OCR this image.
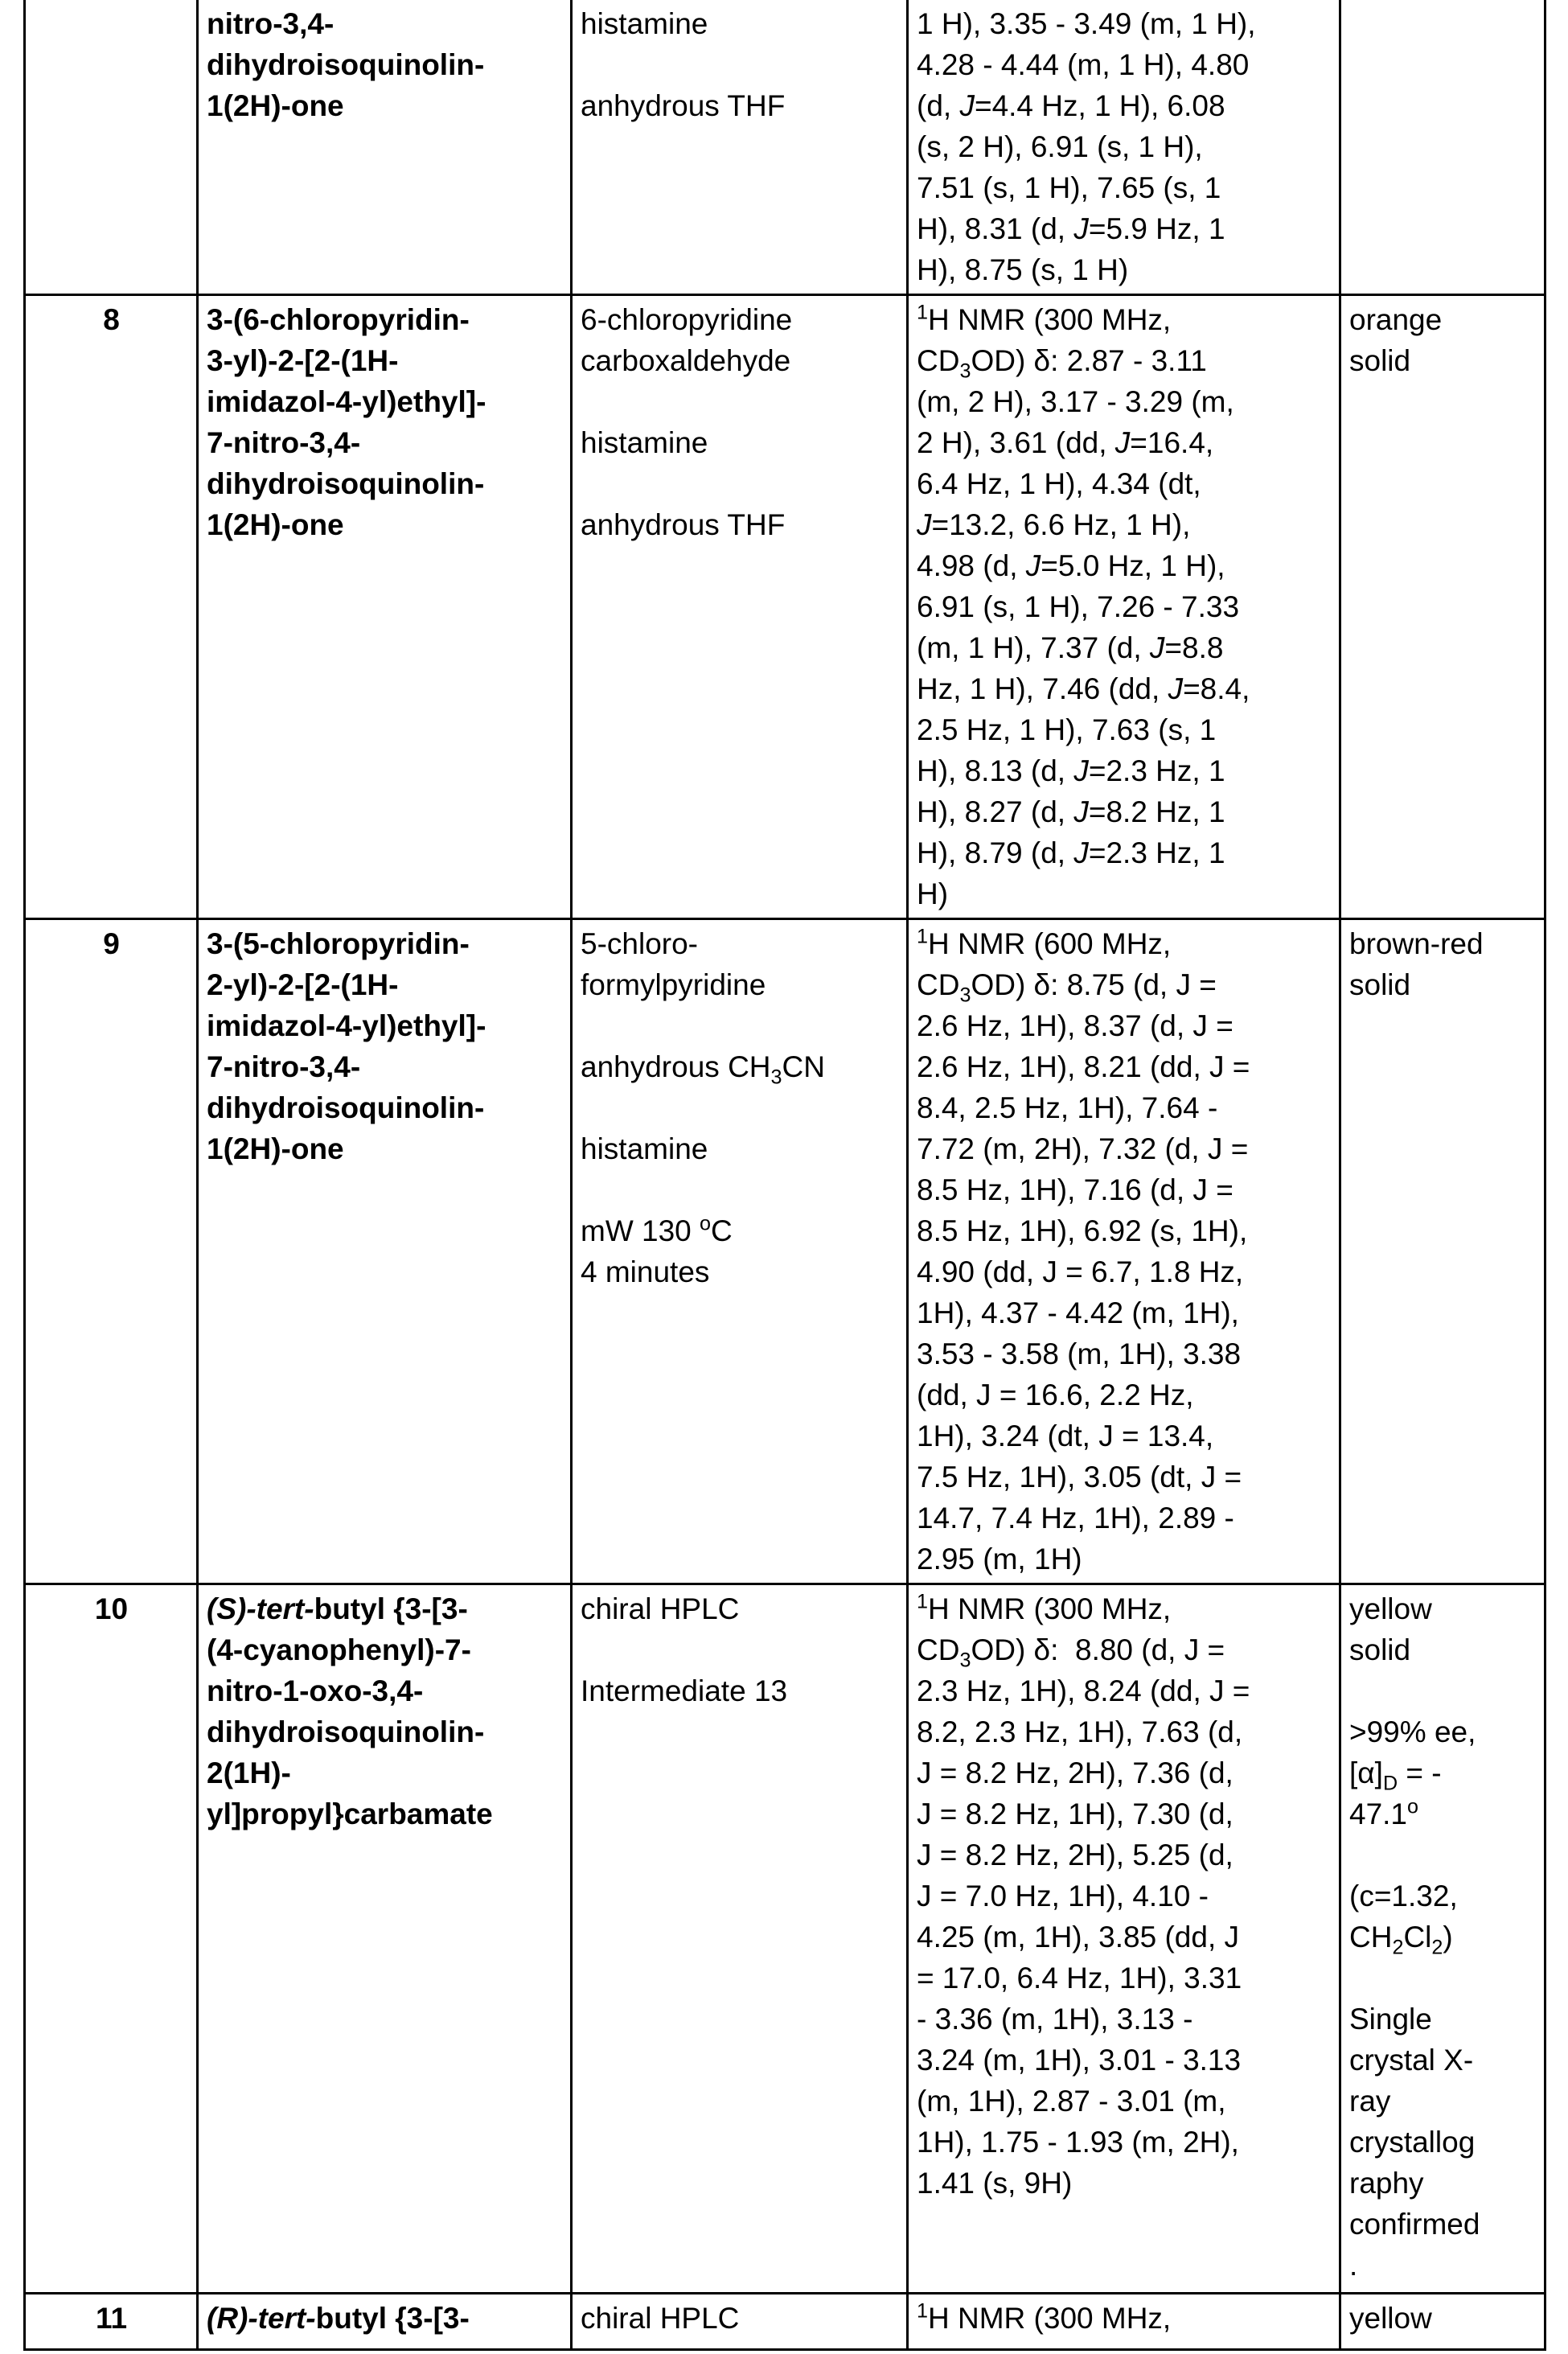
	nitro-3,4-
dihydroisoquinolin-
1(2H)-one	histamine

anhydrous THF	1 H), 3.35 - 3.49 (m, 1 H),
4.28 - 4.44 (m, 1 H), 4.80
(d, J=4.4 Hz, 1 H), 6.08
(s, 2 H), 6.91 (s, 1 H),
7.51 (s, 1 H), 7.65 (s, 1
H), 8.31 (d, J=5.9 Hz, 1
H), 8.75 (s, 1 H)	
8	3-(6-chloropyridin-
3-yl)-2-[2-(1H-
imidazol-4-yl)ethyl]-
7-nitro-3,4-
dihydroisoquinolin-
1(2H)-one	6-chloropyridine
carboxaldehyde

histamine

anhydrous THF	$^1$H NMR (300 MHz,
$CD_3OD$) δ: 2.87 - 3.11
(m, 2 H), 3.17 - 3.29 (m,
2 H), 3.61 (dd, J=16.4,
6.4 Hz, 1 H), 4.34 (dt,
J=13.2, 6.6 Hz, 1 H),
4.98 (d, J=5.0 Hz, 1 H),
6.91 (s, 1 H), 7.26 - 7.33
(m, 1 H), 7.37 (d, J=8.8
Hz, 1 H), 7.46 (dd, J=8.4,
2.5 Hz, 1 H), 7.63 (s, 1
H), 8.13 (d, J=2.3 Hz, 1
H), 8.27 (d, J=8.2 Hz, 1
H), 8.79 (d, J=2.3 Hz, 1
H)	orange
solid
9	3-(5-chloropyridin-
2-yl)-2-[2-(1H-
imidazol-4-yl)ethyl]-
7-nitro-3,4-
dihydroisoquinolin-
1(2H)-one	5-chloro-
formylpyridine

anhydrous $CH_3CN$

histamine

mW 130 $^o$C
4 minutes	$^1$H NMR (600 MHz,
$CD_3OD$) δ: 8.75 (d, J =
2.6 Hz, 1H), 8.37 (d, J =
2.6 Hz, 1H), 8.21 (dd, J =
8.4, 2.5 Hz, 1H), 7.64 -
7.72 (m, 2H), 7.32 (d, J =
8.5 Hz, 1H), 7.16 (d, J =
8.5 Hz, 1H), 6.92 (s, 1H),
4.90 (dd, J = 6.7, 1.8 Hz,
1H), 4.37 - 4.42 (m, 1H),
3.53 - 3.58 (m, 1H), 3.38
(dd, J = 16.6, 2.2 Hz,
1H), 3.24 (dt, J = 13.4,
7.5 Hz, 1H), 3.05 (dt, J =
14.7, 7.4 Hz, 1H), 2.89 -
2.95 (m, 1H)	brown-red
solid
10	(S)-tert-butyl {3-[3-
(4-cyanophenyl)-7-
nitro-1-oxo-3,4-
dihydroisoquinolin-
2(1H)-
yl]propyl}carbamate	chiral HPLC

Intermediate 13	$^1$H NMR (300 MHz,
$CD_3OD$) δ:  8.80 (d, J =
2.3 Hz, 1H), 8.24 (dd, J =
8.2, 2.3 Hz, 1H), 7.63 (d,
J = 8.2 Hz, 2H), 7.36 (d,
J = 8.2 Hz, 1H), 7.30 (d,
J = 8.2 Hz, 2H), 5.25 (d,
J = 7.0 Hz, 1H), 4.10 -
4.25 (m, 1H), 3.85 (dd, J
= 17.0, 6.4 Hz, 1H), 3.31
- 3.36 (m, 1H), 3.13 -
3.24 (m, 1H), 3.01 - 3.13
(m, 1H), 2.87 - 3.01 (m,
1H), 1.75 - 1.93 (m, 2H),
1.41 (s, 9H)	yellow
solid

>99% ee,
$[\alpha]_D$ = -
47.1$^o$

(c=1.32,
$CH_2Cl_2$)

Single
crystal X-
ray
crystallog
raphy
confirmed
.
11	(R)-tert-butyl {3-[3-	chiral HPLC	$^1$H NMR (300 MHz,	yellow
